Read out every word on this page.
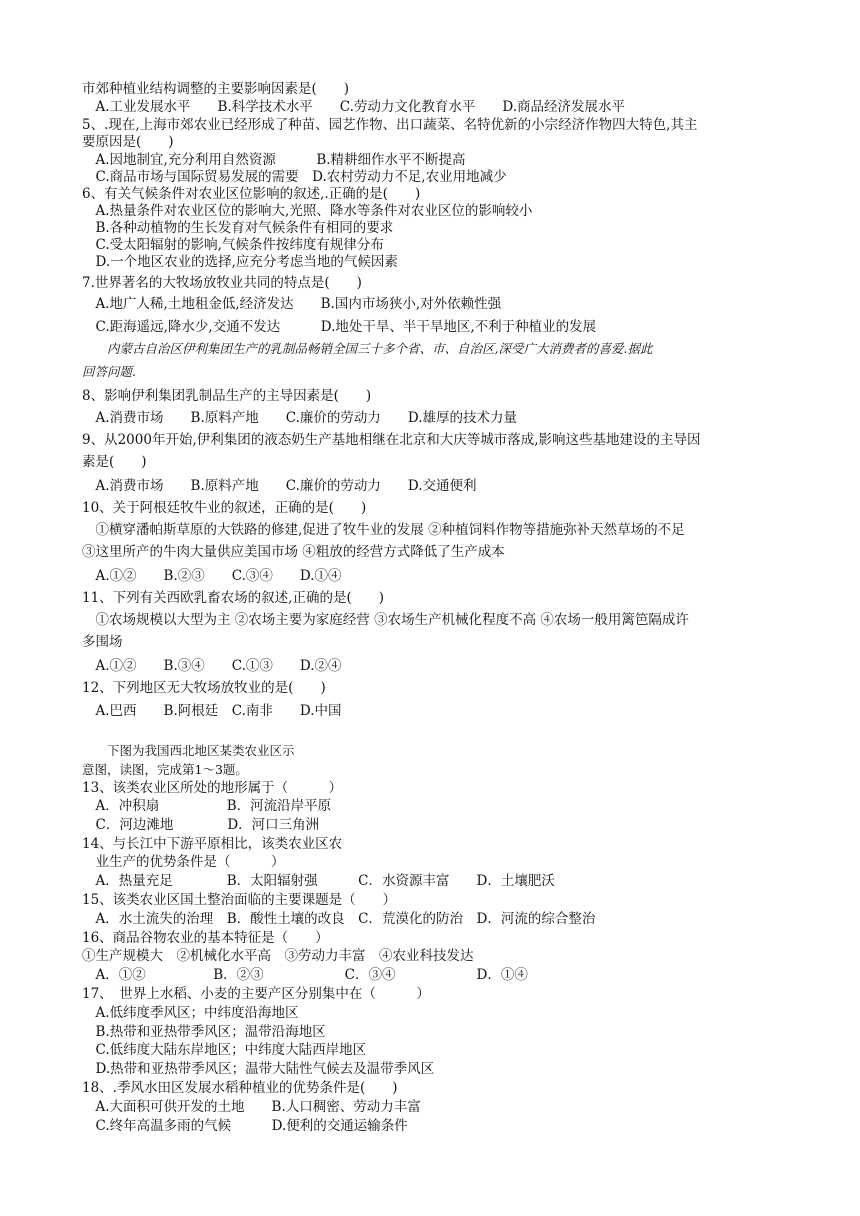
市郊种植业结构调整的主要影响因素是(　　)
　A.工业发展水平　　B.科学技术水平　　C.劳动力文化教育水平　　D.商品经济发展水平
5、.现在,上海市郊农业已经形成了种苗、园艺作物、出口蔬菜、名特优新的小宗经济作物四大特色,其主
要原因是(　　)
　A.因地制宜,充分利用自然资源　　　B.精耕细作水平不断提高
　C.商品市场与国际贸易发展的需要　D.农村劳动力不足,农业用地减少
6、有关气候条件对农业区位影响的叙述,.正确的是(　　)
　A.热量条件对农业区位的影响大,光照、降水等条件对农业区位的影响较小
　B.各种动植物的生长发育对气候条件有相同的要求
　C.受太阳辐射的影响,气候条件按纬度有规律分布
　D.一个地区农业的选择,应充分考虑当地的气候因素
7.世界著名的大牧场放牧业共同的特点是(　　)
　A.地广人稀,土地租金低,经济发达　　B.国内市场狭小,对外依赖性强
　C.距海遥远,降水少,交通不发达　　　D.地处干旱、半干旱地区,不利于种植业的发展
　　内蒙古自治区伊利集团生产的乳制品畅销全国三十多个省、市、自治区,深受广大消费者的喜爱.据此
回答问题.
8、影响伊利集团乳制品生产的主导因素是(　　)
　A.消费市场　　B.原料产地　　C.廉价的劳动力　　D.雄厚的技术力量
9、从2000年开始,伊利集团的液态奶生产基地相继在北京和大庆等城市落成,影响这些基地建设的主导因
素是(　　)
　A.消费市场　　B.原料产地　　C.廉价的劳动力　　D.交通便利
10、关于阿根廷牧牛业的叙述，正确的是(　　)
　①横穿潘帕斯草原的大铁路的修建,促进了牧牛业的发展 ②种植饲料作物等措施弥补天然草场的不足
③这里所产的牛肉大量供应美国市场 ④粗放的经营方式降低了生产成本
　A.①②　　B.②③　　C.③④　　D.①④
11、下列有关西欧乳畜农场的叙述,正确的是(　　)
　①农场规模以大型为主 ②农场主要为家庭经营 ③农场生产机械化程度不高 ④农场一般用篱笆隔成许
多围场
　A.①②　　B.③④　　C.①③　　D.②④
12、下列地区无大牧场放牧业的是(　　)
　A.巴西　　B.阿根廷　C.南非　　D.中国
　　下图为我国西北地区某类农业区示
意图，读图，完成第1～3题。
13、该类农业区所处的地形属于（　　　）
　A．冲积扇　　　　　B．河流沿岸平原
　C．河边滩地　　　　D．河口三角洲
14、与长江中下游平原相比，该类农业区农
　业生产的优势条件是（　　　）
　A．热量充足　　　　B．太阳辐射强　　　C．水资源丰富　　D．土壤肥沃
15、该类农业区国土整治面临的主要课题是（　　）
　A．水土流失的治理　B．酸性土壤的改良　C．荒漠化的防治　D．河流的综合整治
16、商品谷物农业的基本特征是（　　）
①生产规模大　②机械化水平高　③劳动力丰富　④农业科技发达
　A．①②　　　　　B．②③　　　　　　C．③④　　　　　　D．①④
17、　世界上水稻、小麦的主要产区分别集中在（　　　）
　A.低纬度季风区；中纬度沿海地区
　B.热带和亚热带季风区；温带沿海地区
　C.低纬度大陆东岸地区；中纬度大陆西岸地区
　D.热带和亚热带季风区；温带大陆性气候去及温带季风区
18、.季风水田区发展水稻种植业的优势条件是(　　)
　A.大面积可供开发的土地　　B.人口稠密、劳动力丰富
　C.终年高温多雨的气候　　　D.便利的交通运输条件
